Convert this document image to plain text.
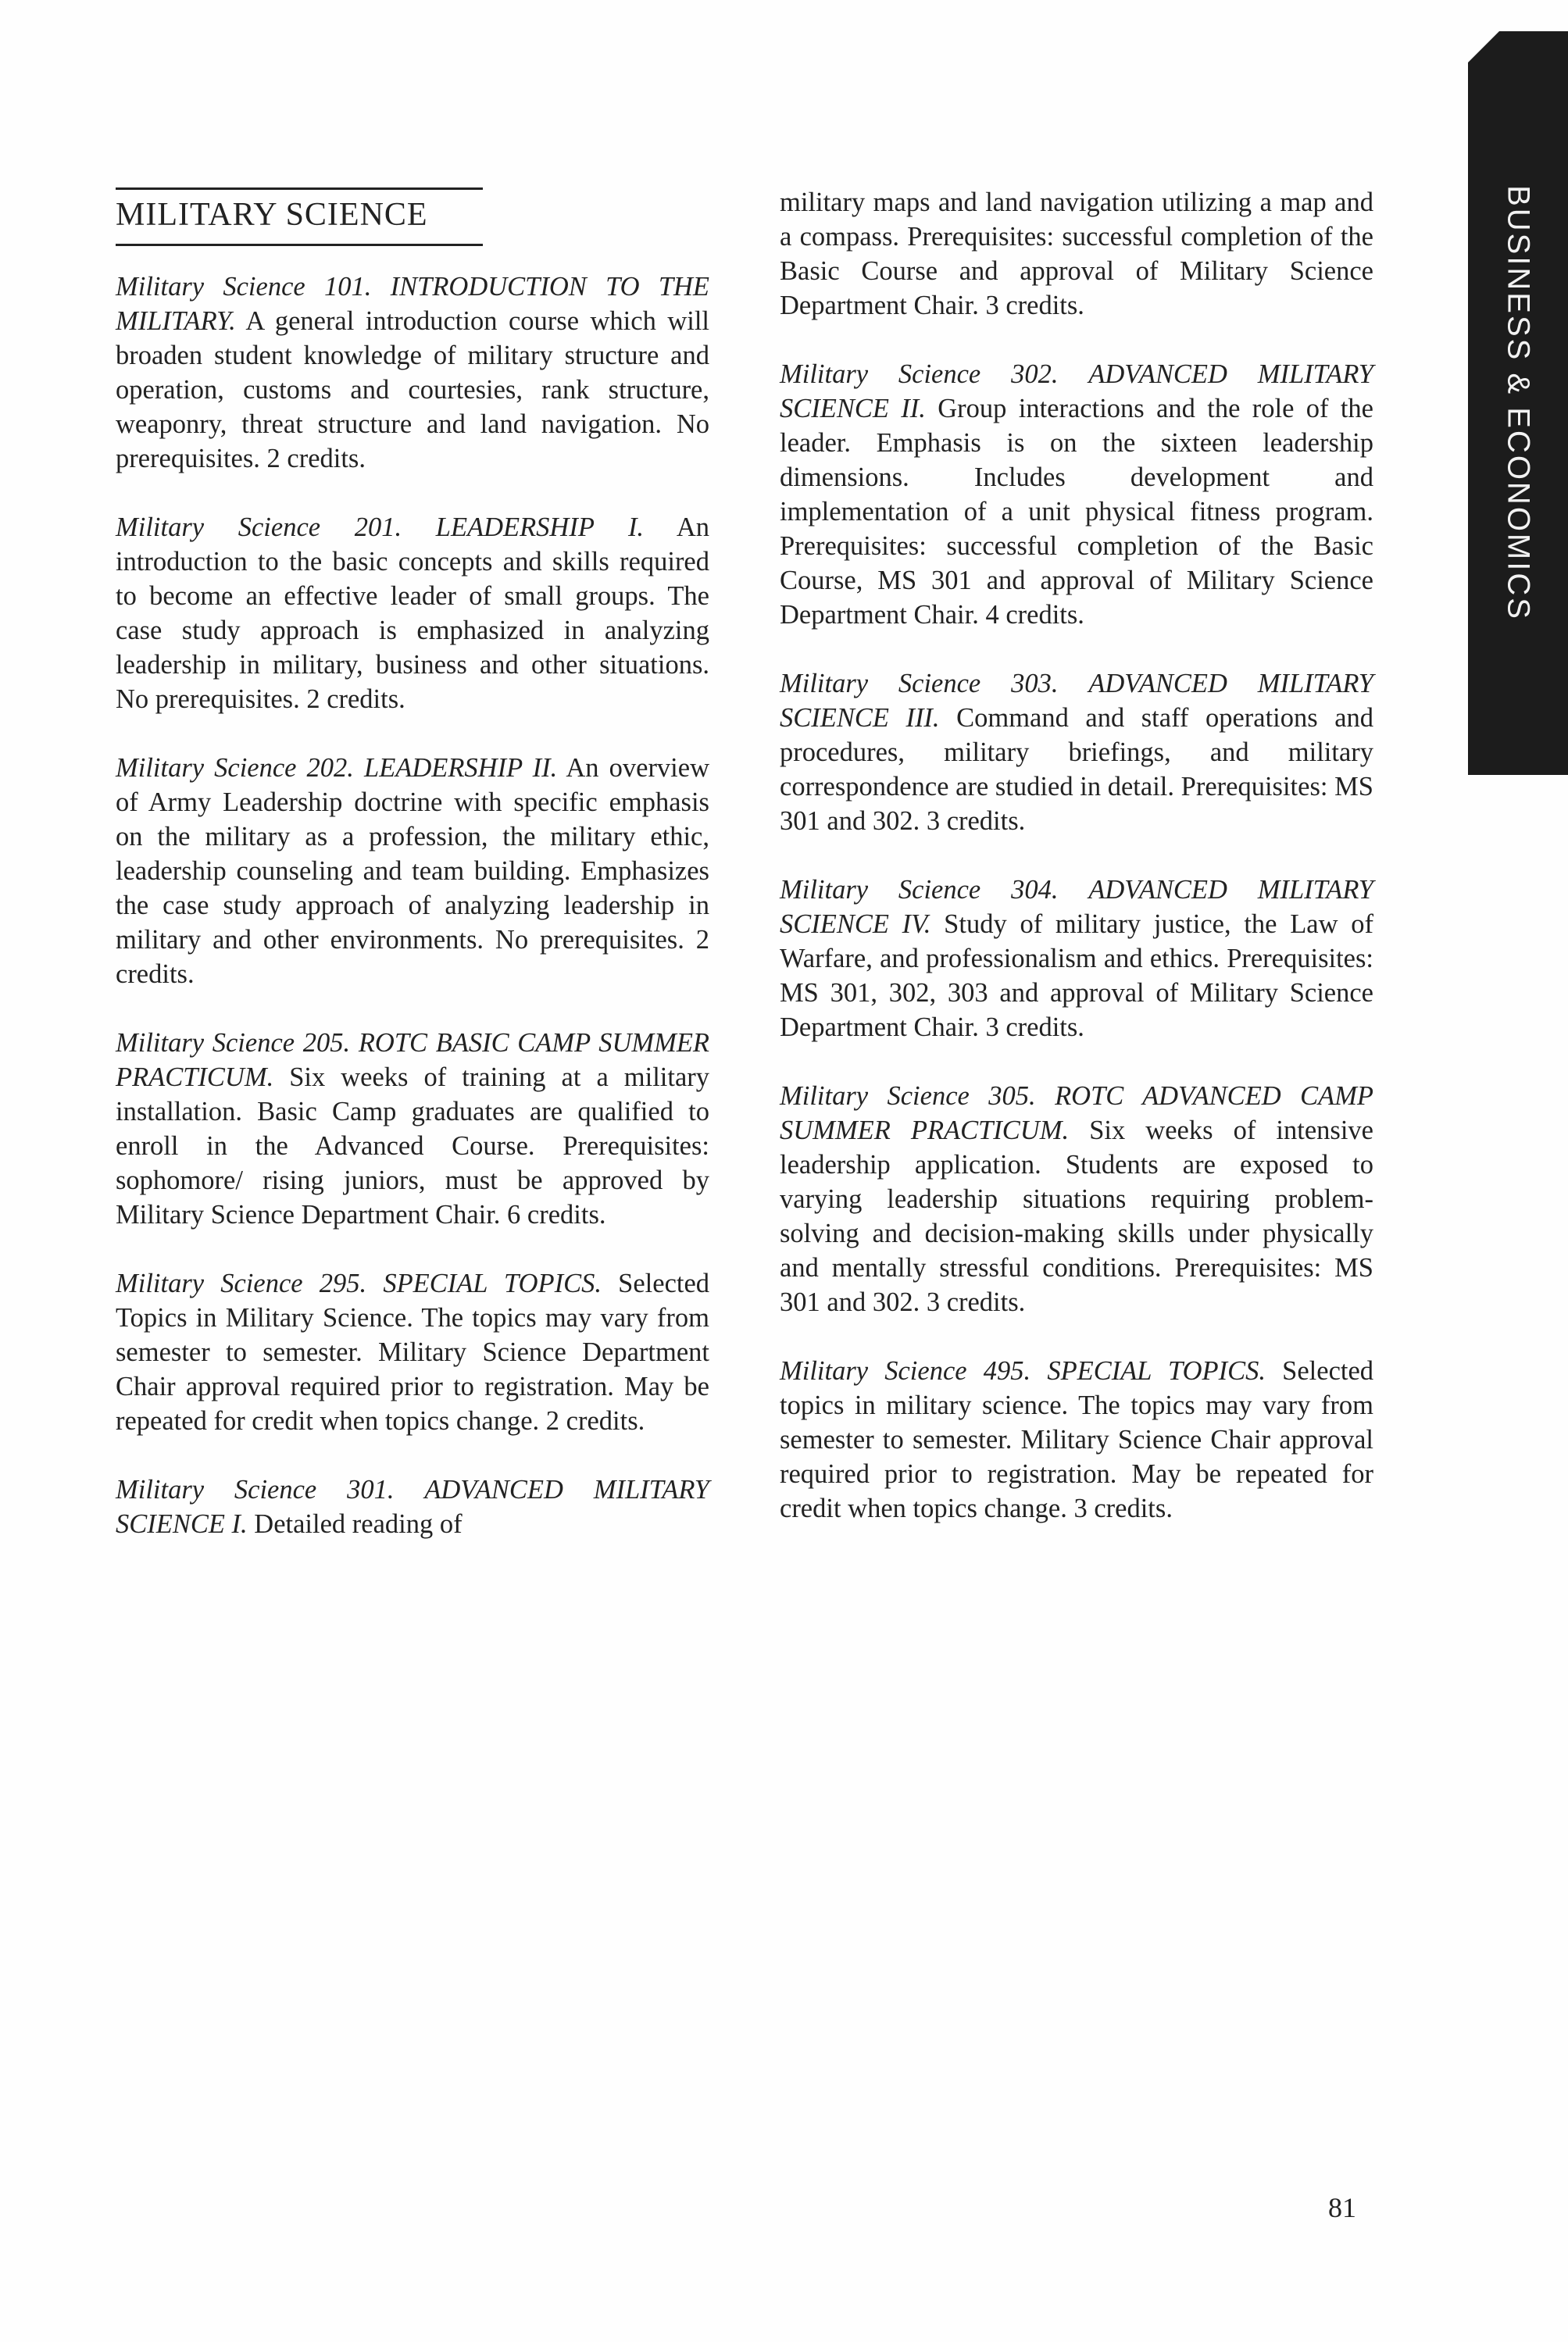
MILITARY SCIENCE

Military Science 101. INTRODUCTION TO THE MILITARY. A general introduction course which will broaden student knowledge of military structure and operation, customs and courtesies, rank structure, weaponry, threat structure and land navigation. No prerequisites. 2 credits.

Military Science 201. LEADERSHIP I. An introduction to the basic concepts and skills required to become an effective leader of small groups. The case study approach is emphasized in analyzing leadership in military, business and other situations. No prerequisites. 2 credits.

Military Science 202. LEADERSHIP II. An overview of Army Leadership doctrine with specific emphasis on the military as a profession, the military ethic, leadership counseling and team building. Emphasizes the case study approach of analyzing leadership in military and other environments. No prerequisites. 2 credits.

Military Science 205. ROTC BASIC CAMP SUMMER PRACTICUM. Six weeks of training at a military installation. Basic Camp graduates are qualified to enroll in the Advanced Course. Prerequisites: sophomore/ rising juniors, must be approved by Military Science Department Chair. 6 credits.

Military Science 295. SPECIAL TOPICS. Selected Topics in Military Science. The topics may vary from semester to semester. Military Science Department Chair approval required prior to registration. May be repeated for credit when topics change. 2 credits.

Military Science 301. ADVANCED MILITARY SCIENCE I. Detailed reading of

military maps and land navigation utilizing a map and a compass. Prerequisites: successful completion of the Basic Course and approval of Military Science Department Chair. 3 credits.

Military Science 302. ADVANCED MILITARY SCIENCE II. Group interactions and the role of the leader. Emphasis is on the sixteen leadership dimensions. Includes development and implementation of a unit physical fitness program. Prerequisites: successful completion of the Basic Course, MS 301 and approval of Military Science Department Chair. 4 credits.

Military Science 303. ADVANCED MILITARY SCIENCE III. Command and staff operations and procedures, military briefings, and military correspondence are studied in detail. Prerequisites: MS 301 and 302. 3 credits.

Military Science 304. ADVANCED MILITARY SCIENCE IV. Study of military justice, the Law of Warfare, and professionalism and ethics. Prerequisites: MS 301, 302, 303 and approval of Military Science Department Chair. 3 credits.

Military Science 305. ROTC ADVANCED CAMP SUMMER PRACTICUM. Six weeks of intensive leadership application. Students are exposed to varying leadership situations requiring problem-solving and decision-making skills under physically and mentally stressful conditions. Prerequisites: MS 301 and 302. 3 credits.

Military Science 495. SPECIAL TOPICS. Selected topics in military science. The topics may vary from semester to semester. Military Science Chair approval required prior to registration. May be repeated for credit when topics change. 3 credits.

BUSINESS & ECONOMICS
81
